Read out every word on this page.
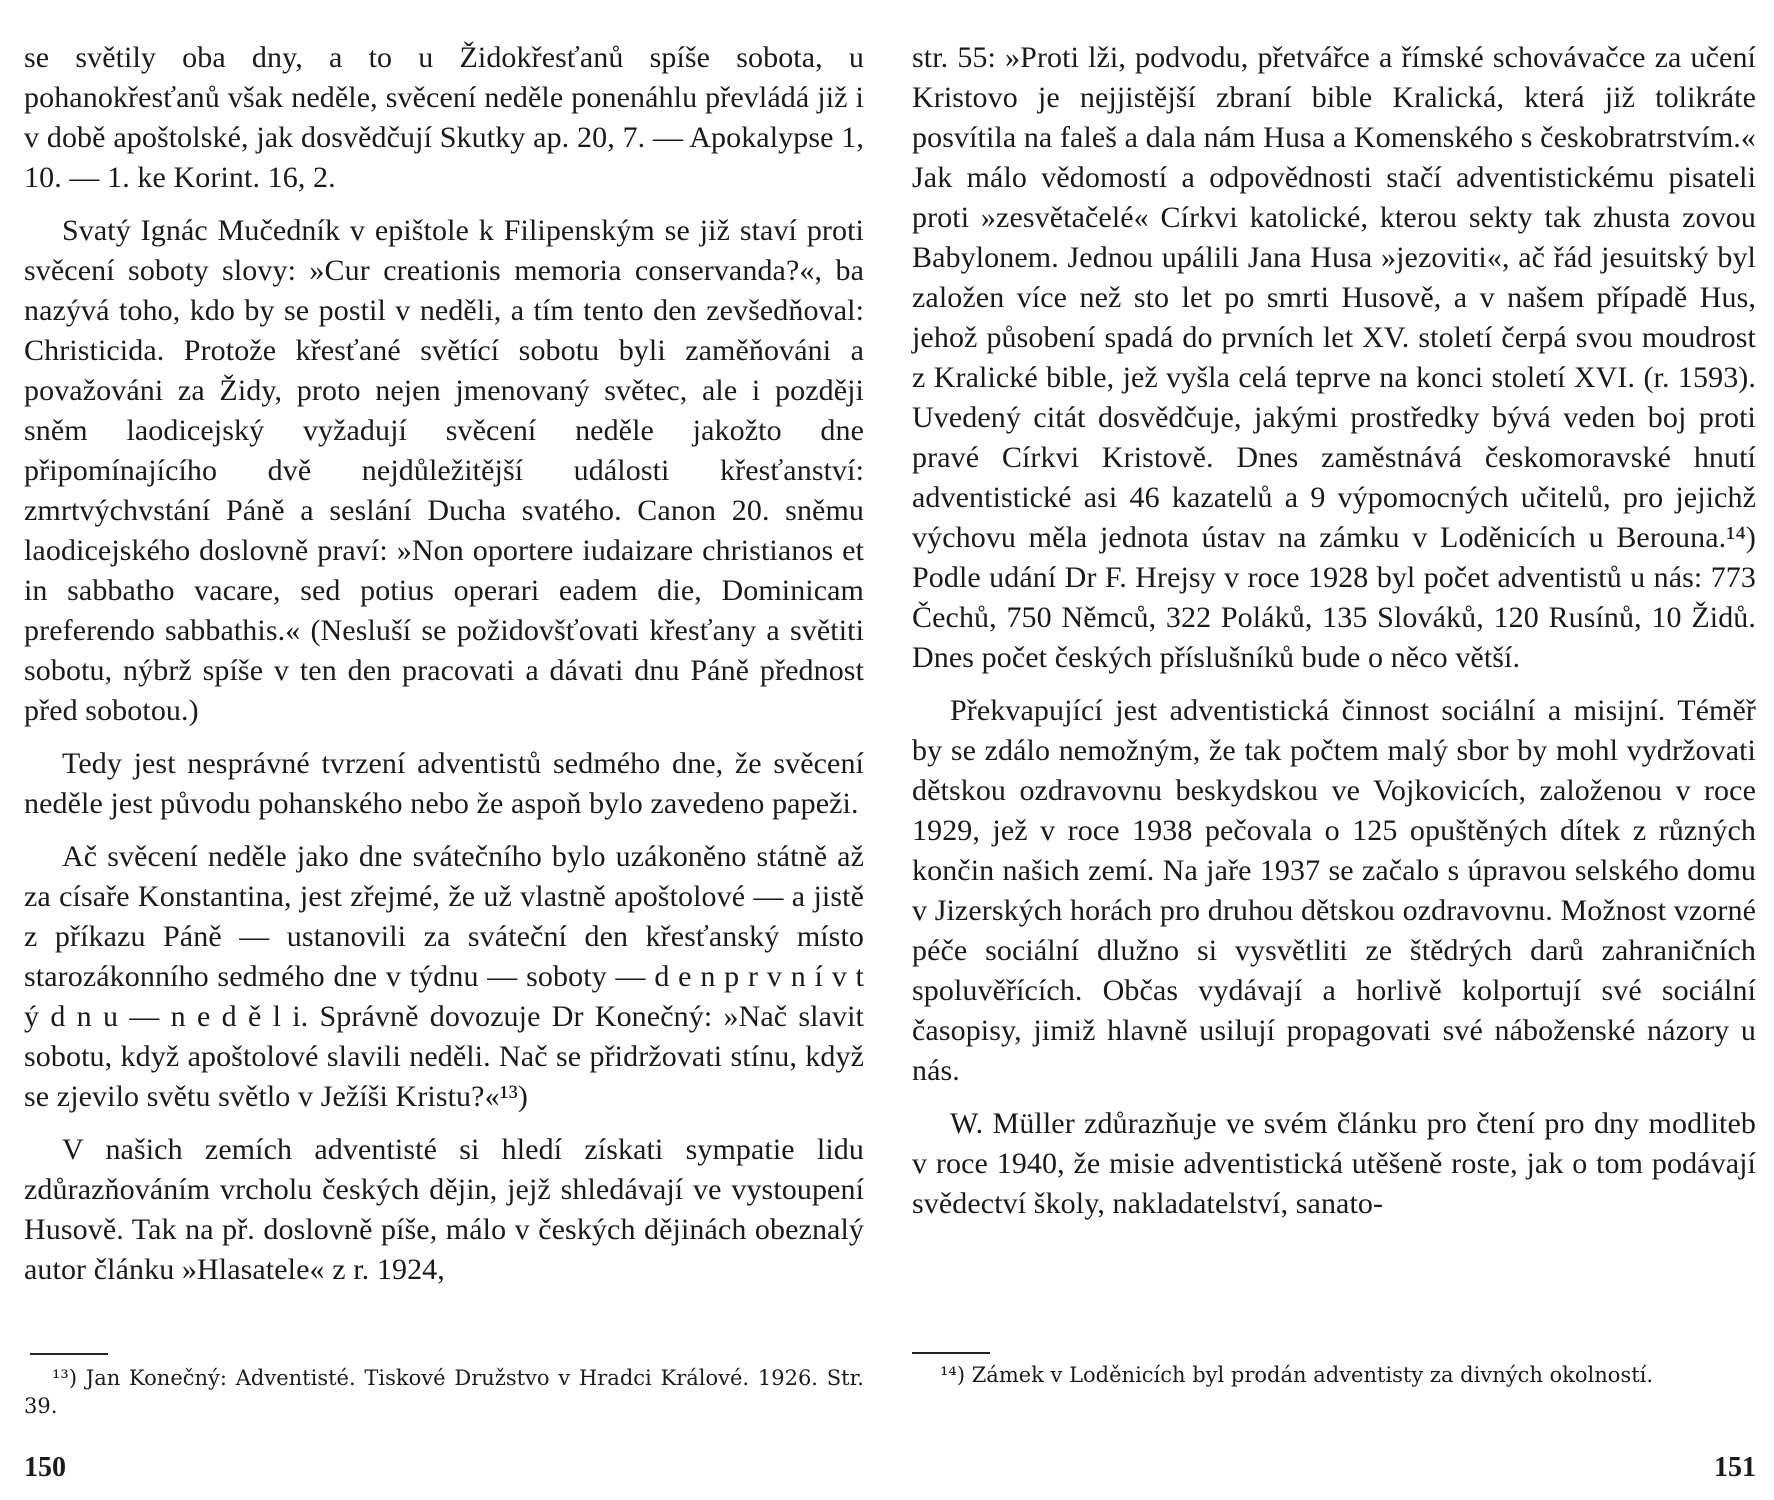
se světily oba dny, a to u Židokřesťanů spíše sobota, u pohanokřesťanů však neděle, svěcení neděle ponenáhlu převládá již i v době apoštolské, jak dosvědčují Skutky ap. 20, 7. — Apokalypse 1, 10. — 1. ke Korint. 16, 2.

Svatý Ignác Mučedník v epištole k Filipenským se již staví proti svěcení soboty slovy: »Cur creationis memoria conservanda?«, ba nazývá toho, kdo by se postil v neděli, a tím tento den zevšedňoval: Christicida. Protože křesťané světící sobotu byli zaměňováni a považováni za Židy, proto nejen jmenovaný světec, ale i později sněm laodicejský vyžadují svěcení neděle jakožto dne připomínajícího dvě nejdůležitější události křesťanství: zmrtvýchvstání Páně a seslání Ducha svatého. Canon 20. sněmu laodicejského doslovně praví: »Non oportere iudaizare christianos et in sabbatho vacare, sed potius operari eadem die, Dominicam preferendo sabbathis.« (Nesluší se požidovšťovati křesťany a světiti sobotu, nýbrž spíše v ten den pracovati a dávati dnu Páně přednost před sobotou.)

Tedy jest nesprávné tvrzení adventistů sedmého dne, že svěcení neděle jest původu pohanského nebo že aspoň bylo zavedeno papeži.

Ač svěcení neděle jako dne svátečního bylo uzákoněno státně až za císaře Konstantina, jest zřejmé, že už vlastně apoštolové — a jistě z příkazu Páně — ustanovili za sváteční den křesťanský místo starozákonního sedmého dne v týdnu — soboty — d e n p r v n í v t ý d n u — n e d ě l i. Správně dovozuje Dr Konečný: »Nač slavit sobotu, když apoštolové slavili neděli. Nač se přidržovati stínu, když se zjevilo světu světlo v Ježíši Kristu?«¹³)

V našich zemích adventisté si hledí získati sympatie lidu zdůrazňováním vrcholu českých dějin, jejž shledávají ve vystoupení Husově. Tak na př. doslovně píše, málo v českých dějinách obeznalý autor článku »Hlasatele« z r. 1924,

¹³) Jan Konečný: Adventisté. Tiskové Družstvo v Hradci Králové. 1926. Str. 39.

150

str. 55: »Proti lži, podvodu, přetvářce a římské schovávačce za učení Kristovo je nejjistější zbraní bible Kralická, která již tolikráte posvítila na faleš a dala nám Husa a Komenského s českobratrstvím.« Jak málo vědomostí a odpovědnosti stačí adventistickému pisateli proti »zesvětačelé« Církvi katolické, kterou sekty tak zhusta zovou Babylonem. Jednou upálili Jana Husa »jezoviti«, ač řád jesuitský byl založen více než sto let po smrti Husově, a v našem případě Hus, jehož působení spadá do prvních let XV. století čerpá svou moudrost z Kralické bible, jež vyšla celá teprve na konci století XVI. (r. 1593). Uvedený citát dosvědčuje, jakými prostředky bývá veden boj proti pravé Církvi Kristově. Dnes zaměstnává českomoravské hnutí adventistické asi 46 kazatelů a 9 výpomocných učitelů, pro jejichž výchovu měla jednota ústav na zámku v Loděnicích u Berouna.¹⁴) Podle udání Dr F. Hrejsy v roce 1928 byl počet adventistů u nás: 773 Čechů, 750 Němců, 322 Poláků, 135 Slováků, 120 Rusínů, 10 Židů. Dnes počet českých příslušníků bude o něco větší.

Překvapující jest adventistická činnost sociální a misijní. Téměř by se zdálo nemožným, že tak počtem malý sbor by mohl vydržovati dětskou ozdravovnu beskydskou ve Vojkovicích, založenou v roce 1929, jež v roce 1938 pečovala o 125 opuštěných dítek z různých končin našich zemí. Na jaře 1937 se začalo s úpravou selského domu v Jizerských horách pro druhou dětskou ozdravovnu. Možnost vzorné péče sociální dlužno si vysvětliti ze štědrých darů zahraničních spoluvěřících. Občas vydávají a horlivě kolportují své sociální časopisy, jimiž hlavně usilují propagovati své náboženské názory u nás.

W. Müller zdůrazňuje ve svém článku pro čtení pro dny modliteb v roce 1940, že misie adventistická utěšeně roste, jak o tom podávají svědectví školy, nakladatelství, sanato-

¹⁴) Zámek v Loděnicích byl prodán adventisty za divných okolností.

151
